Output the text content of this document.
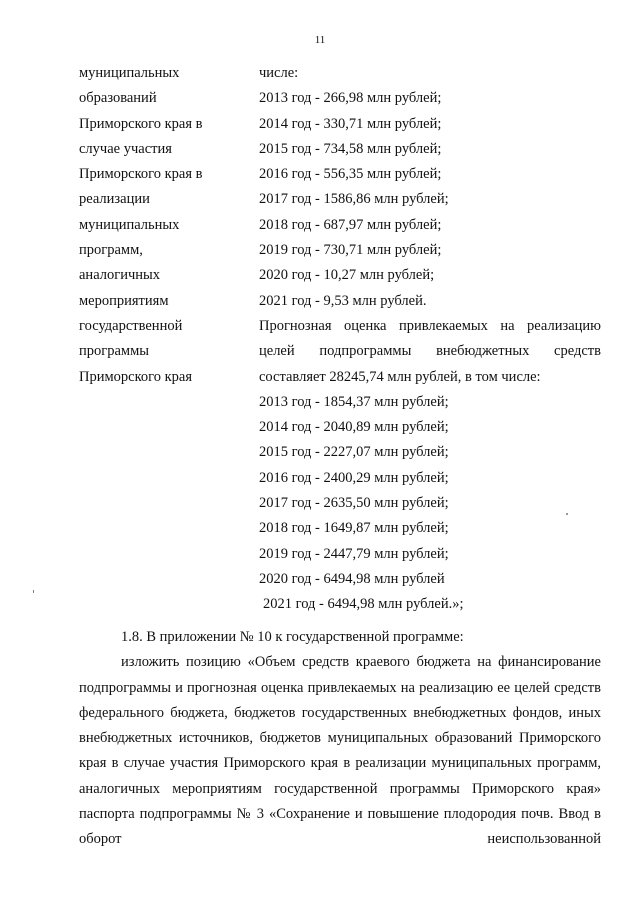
11
муниципальных
образований
Приморского края в
случае участия
Приморского края в
реализации
муниципальных
программ,
аналогичных
мероприятиям
государственной
программы
Приморского края
числе:
2013 год - 266,98 млн рублей;
2014 год - 330,71 млн рублей;
2015 год - 734,58 млн рублей;
2016 год - 556,35 млн рублей;
2017 год - 1586,86 млн рублей;
2018 год - 687,97 млн рублей;
2019 год - 730,71 млн рублей;
2020 год - 10,27 млн рублей;
2021 год - 9,53 млн рублей.
Прогнозная оценка привлекаемых на реализацию
целей подпрограммы внебюджетных средств
составляет 28245,74 млн рублей, в том числе:
2013 год - 1854,37 млн рублей;
2014 год - 2040,89 млн рублей;
2015 год - 2227,07 млн рублей;
2016 год - 2400,29 млн рублей;
2017 год - 2635,50 млн рублей;
2018 год - 1649,87 млн рублей;
2019 год - 2447,79 млн рублей;
2020 год - 6494,98 млн рублей
2021 год - 6494,98 млн рублей.»;
1.8. В приложении № 10 к государственной программе:
изложить позицию «Объем средств краевого бюджета на финансирование подпрограммы и прогнозная оценка привлекаемых на реализацию ее целей средств федерального бюджета, бюджетов государственных внебюджетных фондов, иных внебюджетных источников, бюджетов муниципальных образований Приморского края в случае участия Приморского края в реализации муниципальных программ, аналогичных мероприятиям государственной программы Приморского края» паспорта подпрограммы № 3 «Сохранение и повышение плодородия почв. Ввод в оборот неиспользованной
